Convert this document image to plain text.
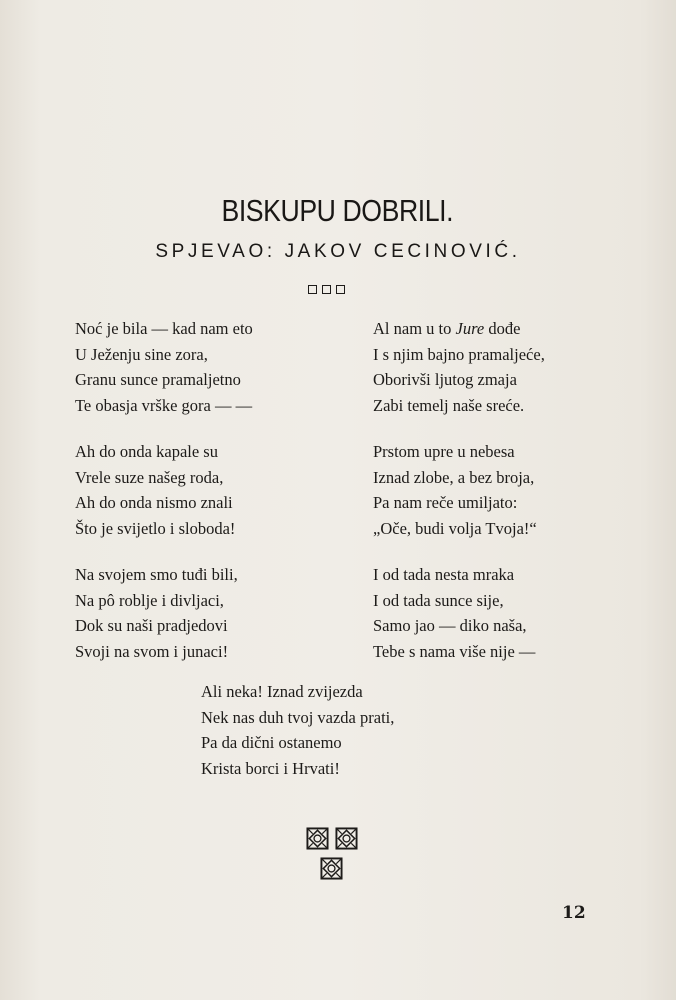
BISKUPU DOBRILI.
SPJEVAO: JAKOV CECINOVIĆ.
Noć je bila — kad nam eto
U Ježenju sine zora,
Granu sunce pramaljetno
Te obasja vrške gora — —
Ah do onda kapale su
Vrele suze našeg roda,
Ah do onda nismo znali
Što je svijetlo i sloboda!
Na svojem smo tuđi bili,
Na pô roblje i divljaci,
Dok su naši pradjedovi
Svoji na svom i junaci!
Al nam u to Jure dođe
I s njim bajno pramaljeće,
Oborivši ljutog zmaja
Zabi temelj naše sreće.
Prstom upre u nebesa
Iznad zlobe, a bez broja,
Pa nam reče umiljato:
„Oče, budi volja Tvoja!“
I od tada nesta mraka
I od tada sunce sije,
Samo jao — diko naša,
Tebe s nama više nije —
Ali neka! Iznad zvijezda
Nek nas duh tvoj vazda prati,
Pa da dični ostanemo
Krista borci i Hrvati!
12
